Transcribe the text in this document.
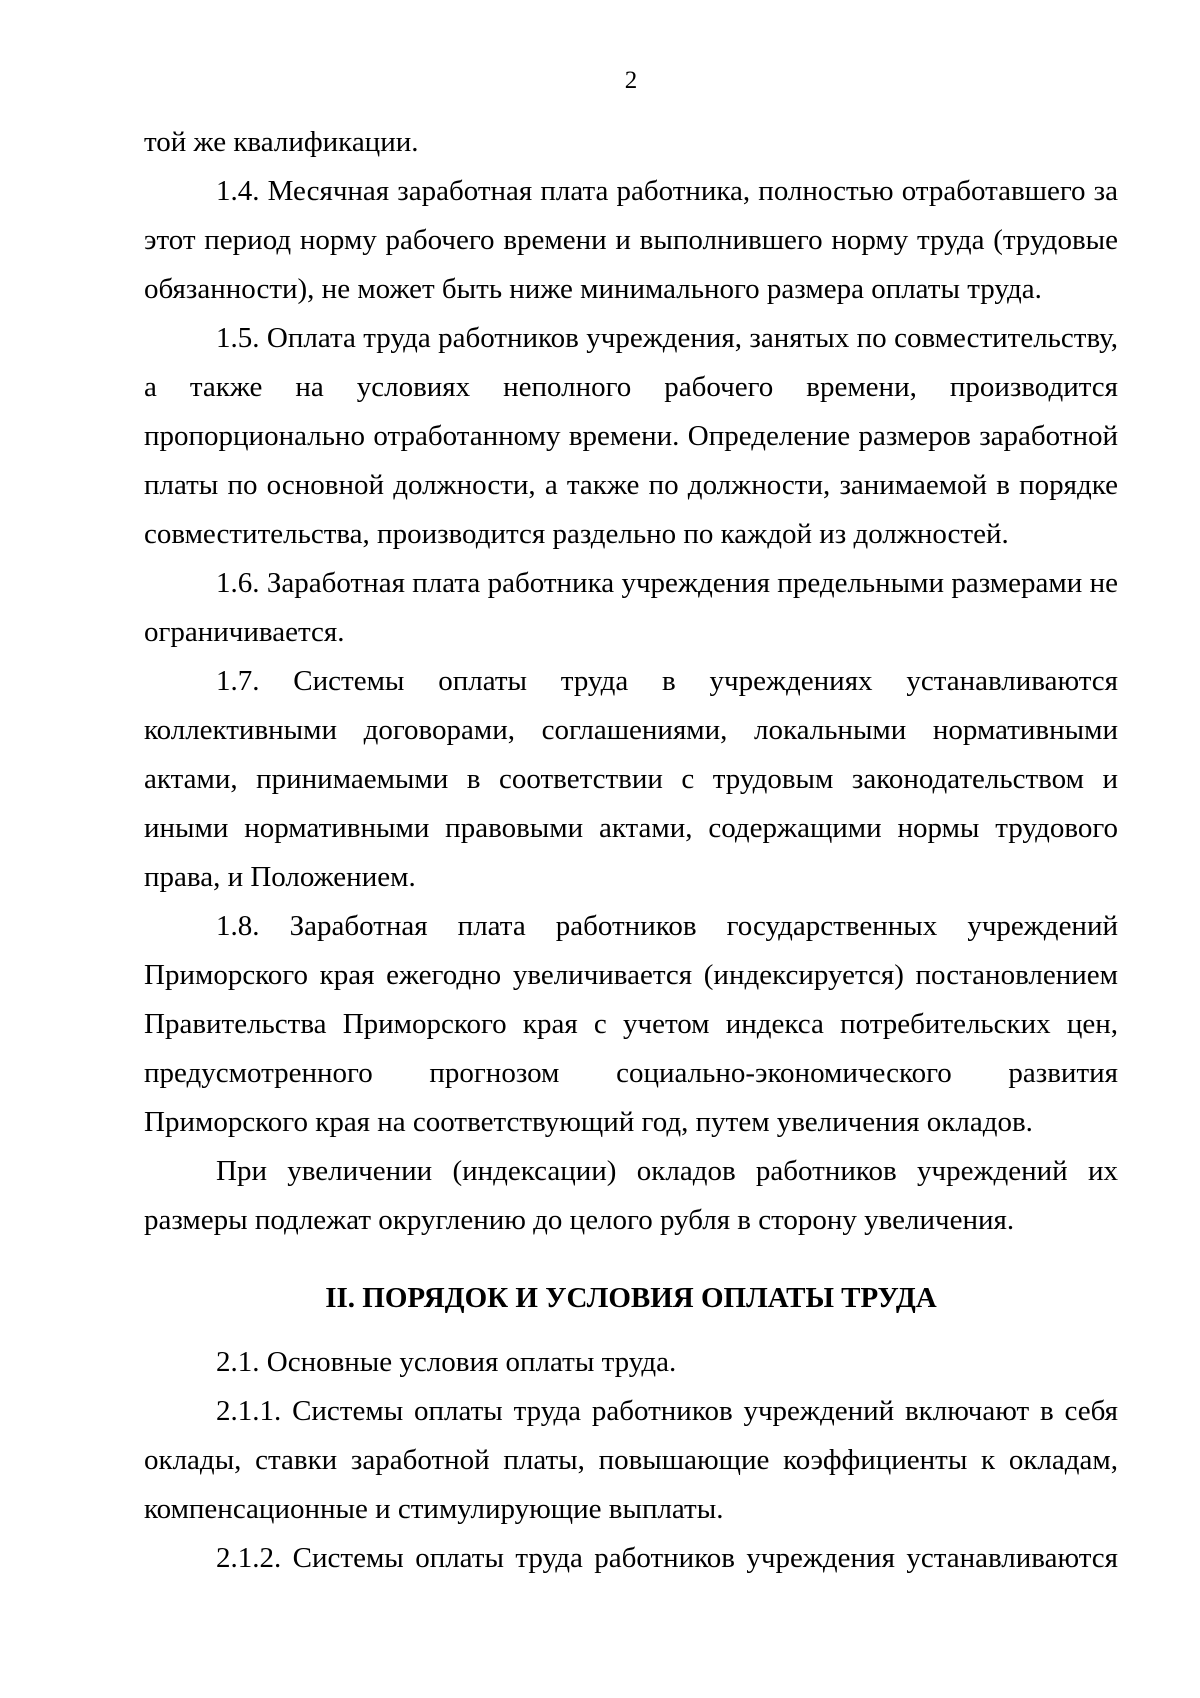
2

той же квалификации.

1.4. Месячная заработная плата работника, полностью отработавшего за этот период норму рабочего времени и выполнившего норму труда (трудовые обязанности), не может быть ниже минимального размера оплаты труда.

1.5. Оплата труда работников учреждения, занятых по совместительству, а также на условиях неполного рабочего времени, производится пропорционально отработанному времени. Определение размеров заработной платы по основной должности, а также по должности, занимаемой в порядке совместительства, производится раздельно по каждой из должностей.

1.6. Заработная плата работника учреждения предельными размерами не ограничивается.

1.7. Системы оплаты труда в учреждениях устанавливаются коллективными договорами, соглашениями, локальными нормативными актами, принимаемыми в соответствии с трудовым законодательством и иными нормативными правовыми актами, содержащими нормы трудового права, и Положением.

1.8. Заработная плата работников государственных учреждений Приморского края ежегодно увеличивается (индексируется) постановлением Правительства Приморского края с учетом индекса потребительских цен, предусмотренного прогнозом социально-экономического развития Приморского края на соответствующий год, путем увеличения окладов.

При увеличении (индексации) окладов работников учреждений их размеры подлежат округлению до целого рубля в сторону увеличения.

II. ПОРЯДОК И УСЛОВИЯ ОПЛАТЫ ТРУДА

2.1. Основные условия оплаты труда.

2.1.1. Системы оплаты труда работников учреждений включают в себя оклады, ставки заработной платы, повышающие коэффициенты к окладам, компенсационные и стимулирующие выплаты.

2.1.2. Системы оплаты труда работников учреждения устанавливаются
